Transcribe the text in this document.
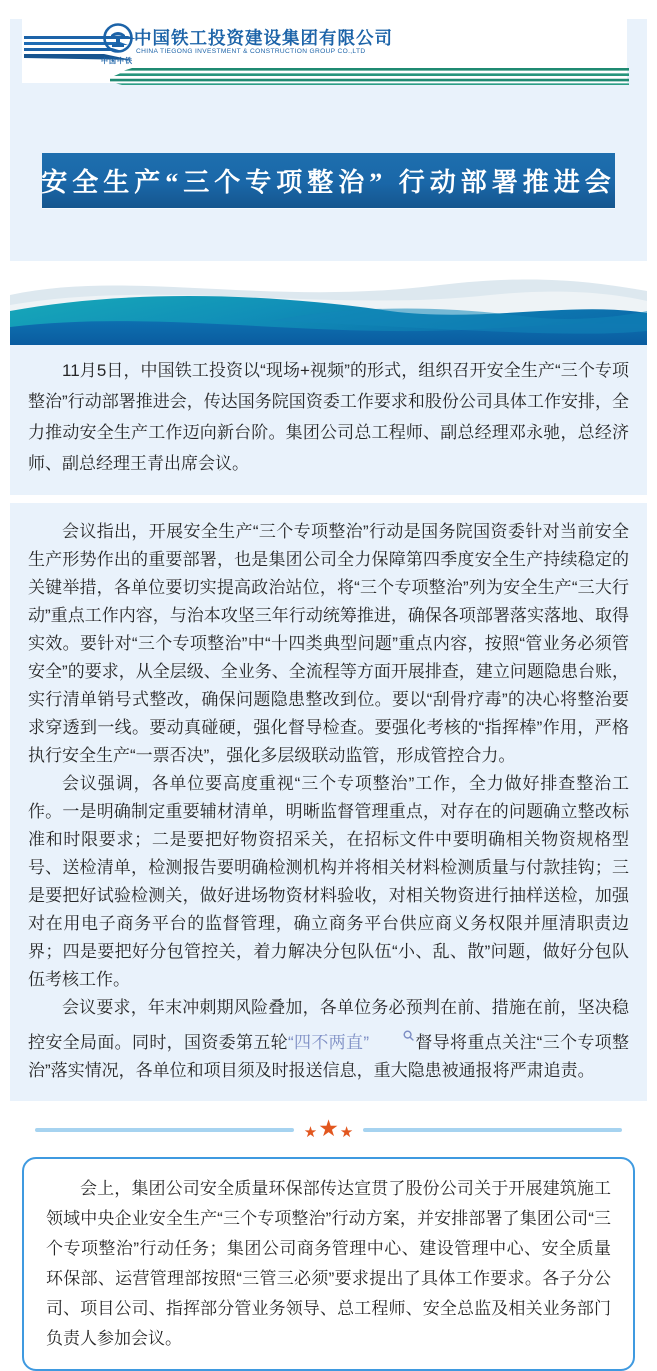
中国中铁
中国铁工投资建设集团有限公司
CHINA TIEGONG INVESTMENT & CONSTRUCTION GROUP CO.,LTD
安全生产“三个专项整治” 行动部署推进会

11月5日，中国铁工投资以“现场+视频”的形式，组织召开安全生产“三个专项整治”行动部署推进会，传达国务院国资委工作要求和股份公司具体工作安排，全力推动安全生产工作迈向新台阶。集团公司总工程师、副总经理邓永驰，总经济师、副总经理王青出席会议。

会议指出，开展安全生产“三个专项整治”行动是国务院国资委针对当前安全生产形势作出的重要部署，也是集团公司全力保障第四季度安全生产持续稳定的关键举措，各单位要切实提高政治站位，将“三个专项整治”列为安全生产“三大行动”重点工作内容，与治本攻坚三年行动统筹推进，确保各项部署落实落地、取得实效。要针对“三个专项整治”中“十四类典型问题”重点内容，按照“管业务必须管安全”的要求，从全层级、全业务、全流程等方面开展排查，建立问题隐患台账，实行清单销号式整改，确保问题隐患整改到位。要以“刮骨疗毒”的决心将整治要求穿透到一线。要动真碰硬，强化督导检查。要强化考核的“指挥棒”作用，严格执行安全生产“一票否决”，强化多层级联动监管，形成管控合力。

会议强调，各单位要高度重视“三个专项整治”工作，全力做好排查整治工作。一是明确制定重要辅材清单，明晰监督管理重点，对存在的问题确立整改标准和时限要求；二是要把好物资招采关，在招标文件中要明确相关物资规格型号、送检清单，检测报告要明确检测机构并将相关材料检测质量与付款挂钩；三是要把好试验检测关，做好进场物资材料验收，对相关物资进行抽样送检，加强对在用电子商务平台的监督管理，确立商务平台供应商义务权限并厘清职责边界；四是要把好分包管控关，着力解决分包队伍“小、乱、散”问题，做好分包队伍考核工作。

会议要求，年末冲刺期风险叠加，各单位务必预判在前、措施在前，坚决稳控安全局面。同时，国资委第五轮“四不两直”	督导将重点关注“三个专项整治”落实情况，各单位和项目须及时报送信息，重大隐患被通报将严肃追责。

★ ★ ★

会上，集团公司安全质量环保部传达宣贯了股份公司关于开展建筑施工领域中央企业安全生产“三个专项整治”行动方案，并安排部署了集团公司“三个专项整治”行动任务；集团公司商务管理中心、建设管理中心、安全质量环保部、运营管理部按照“三管三必须”要求提出了具体工作要求。各子分公司、项目公司、指挥部分管业务领导、总工程师、安全总监及相关业务部门负责人参加会议。
